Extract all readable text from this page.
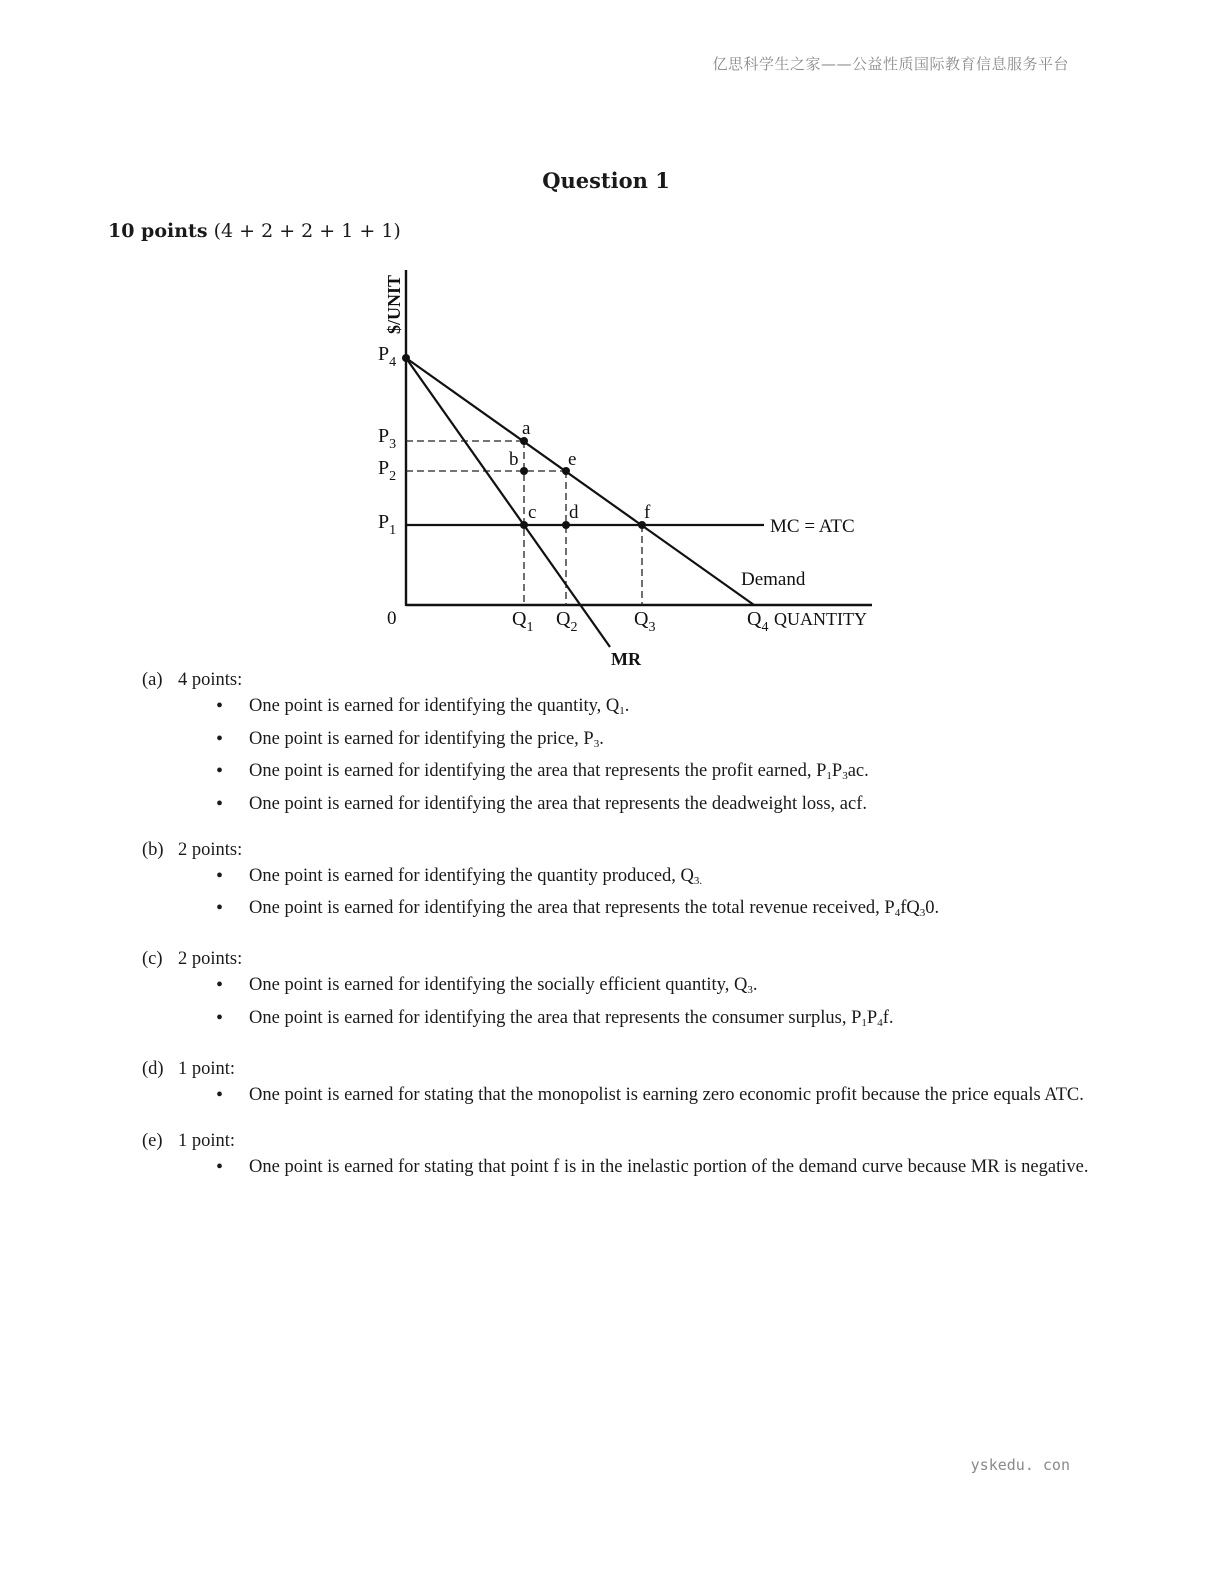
亿思科学生之家——公益性质国际教育信息服务平台
Question 1
10 points (4 + 2 + 2 + 1 + 1)
$/UNIT
$P_4$
$P_3$
$P_2$
$P_1$
0	$Q_1$ $Q_2$	$Q_3$	$Q_4$ QUANTITY
a
b
c d
e
f
MC = ATC
Demand
MR
(a) 4 points:
• One point is earned for identifying the quantity, $Q_1$.
• One point is earned for identifying the price, $P_3$.
• One point is earned for identifying the area that represents the profit earned, $P_1P_3ac$.
• One point is earned for identifying the area that represents the deadweight loss, acf.
(b) 2 points:
• One point is earned for identifying the quantity produced, $Q_{3.}$
• One point is earned for identifying the area that represents the total revenue received, $P_4fQ_30$.
(c) 2 points:
• One point is earned for identifying the socially efficient quantity, $Q_3$.
• One point is earned for identifying the area that represents the consumer surplus, $P_1P_4f$.
(d) 1 point:
• One point is earned for stating that the monopolist is earning zero economic profit because the price equals ATC.
(e) 1 point:
• One point is earned for stating that point f is in the inelastic portion of the demand curve because MR is negative.
yskedu. con
